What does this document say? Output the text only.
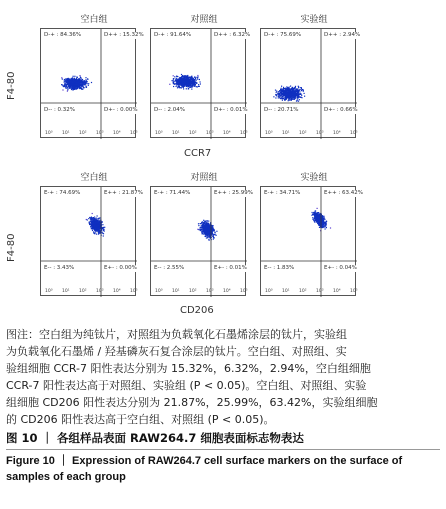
空白组	对照组	实验组
F4-80
D-+ : 84.36%	D++ : 15.32%
D-- : 0.32%	D+- : 0.00%
10⁰ 10¹ 10² 10³ 10⁴ 10⁵
D-+ : 91.64%	D++ : 6.32%
D-- : 2.04%	D+- : 0.01%
10⁰ 10¹ 10² 10³ 10⁴ 10⁵
D-+ : 75.69%	D++ : 2.94%
D-- : 20.71%	D+- : 0.66%
10⁰ 10¹ 10² 10³ 10⁴ 10⁵
CCR7
空白组	对照组	实验组
F4-80
E-+ : 74.69%	E++ : 21.87%
E-- : 3.43%	E+- : 0.00%
10⁰ 10¹ 10² 10³ 10⁴ 10⁵
E-+ : 71.44%	E++ : 25.99%
E-- : 2.55%	E+- : 0.01%
10⁰ 10¹ 10² 10³ 10⁴ 10⁵
E-+ : 34.71%	E++ : 63.42%
E-- : 1.83%	E+- : 0.04%
10⁰ 10¹ 10² 10³ 10⁴ 10⁵
CD206
图注：空白组为纯钛片，对照组为负载氧化石墨烯涂层的钛片，实验组
为负载氧化石墨烯 / 羟基磷灰石复合涂层的钛片。空白组、对照组、实
验组细胞 CCR-7 阳性表达分别为 15.32%，6.32%，2.94%，空白组细胞
CCR-7 阳性表达高于对照组、实验组 (P < 0.05)。空白组、对照组、实验
组细胞 CD206 阳性表达分别为 21.87%，25.99%，63.42%，实验组细胞
的 CD206 阳性表达高于空白组、对照组 (P < 0.05)。
图 10 ｜ 各组样品表面 RAW264.7 细胞表面标志物表达
Figure 10 ｜ Expression of RAW264.7 cell surface markers on the surface of samples of each group
